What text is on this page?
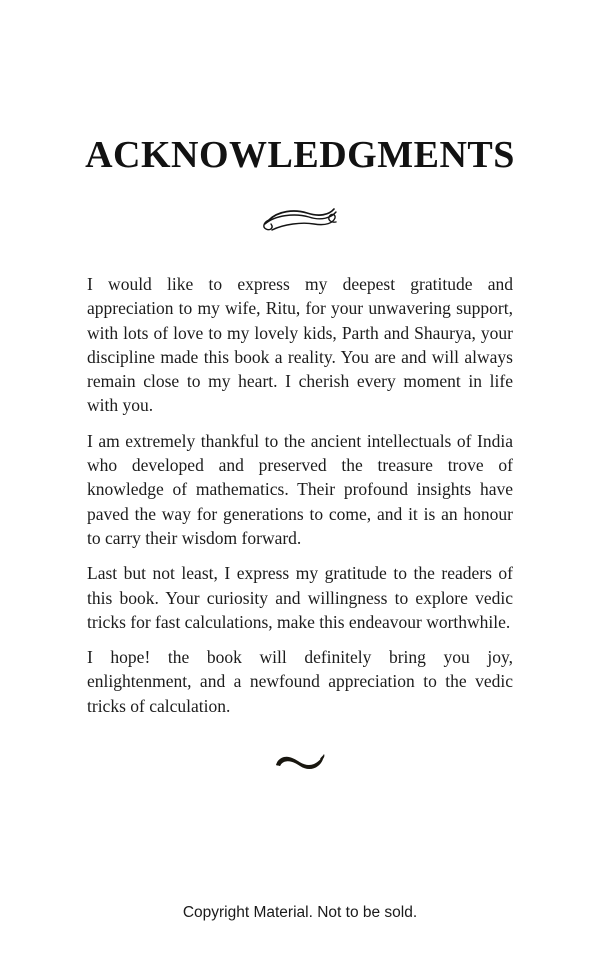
ACKNOWLEDGMENTS

I would like to express my deepest gratitude and appreciation to my wife, Ritu, for your unwavering support, with lots of love to my lovely kids, Parth and Shaurya, your discipline made this book a reality. You are and will always remain close to my heart. I cherish every moment in life with you.

I am extremely thankful to the ancient intellectuals of India who developed and preserved the treasure trove of knowledge of mathematics. Their profound insights have paved the way for generations to come, and it is an honour to carry their wisdom forward.

Last but not least, I express my gratitude to the readers of this book. Your curiosity and willingness to explore vedic tricks for fast calculations, make this endeavour worthwhile.

I hope! the book will definitely bring you joy, enlightenment, and a newfound appreciation to the vedic tricks of calculation.

Copyright Material. Not to be sold.
